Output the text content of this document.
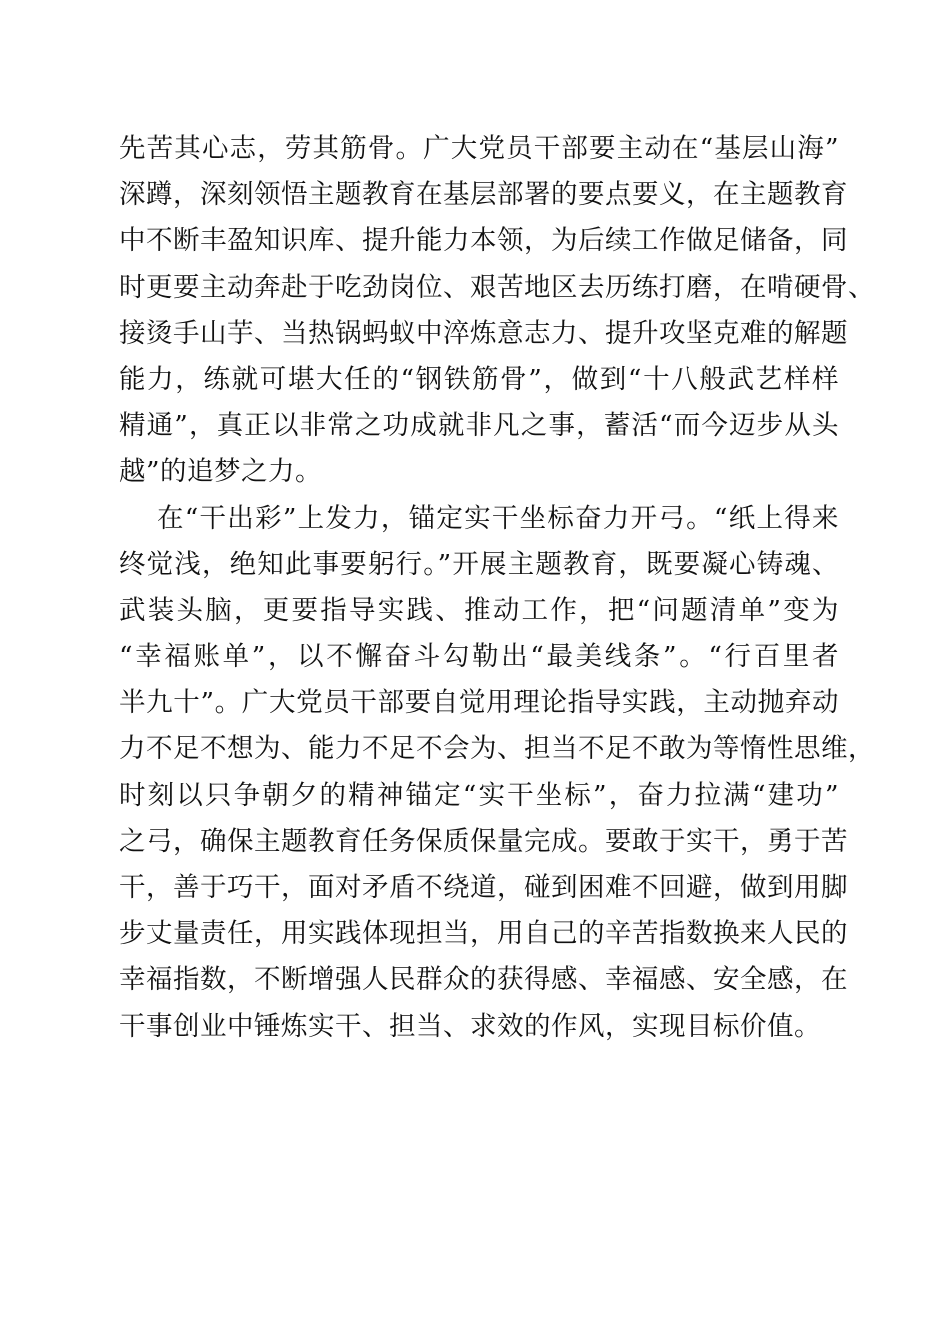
先苦其心志，劳其筋骨。广大党员干部要主动在“基层山海”
深蹲，深刻领悟主题教育在基层部署的要点要义，在主题教育
中不断丰盈知识库、提升能力本领，为后续工作做足储备，同
时更要主动奔赴于吃劲岗位、艰苦地区去历练打磨，在啃硬骨、
接烫手山芋、当热锅蚂蚁中淬炼意志力、提升攻坚克难的解题
能力，练就可堪大任的“钢铁筋骨”，做到“十八般武艺样样
精通”，真正以非常之功成就非凡之事，蓄活“而今迈步从头
越”的追梦之力。

在“干出彩”上发力，锚定实干坐标奋力开弓。“纸上得来
终觉浅，绝知此事要躬行。”开展主题教育，既要凝心铸魂、
武装头脑，更要指导实践、推动工作，把“问题清单”变为
“幸福账单”，以不懈奋斗勾勒出“最美线条”。“行百里者
半九十”。广大党员干部要自觉用理论指导实践，主动抛弃动
力不足不想为、能力不足不会为、担当不足不敢为等惰性思维，
时刻以只争朝夕的精神锚定“实干坐标”，奋力拉满“建功”
之弓，确保主题教育任务保质保量完成。要敢于实干，勇于苦
干，善于巧干，面对矛盾不绕道，碰到困难不回避，做到用脚
步丈量责任，用实践体现担当，用自己的辛苦指数换来人民的
幸福指数，不断增强人民群众的获得感、幸福感、安全感，在
干事创业中锤炼实干、担当、求效的作风，实现目标价值。
